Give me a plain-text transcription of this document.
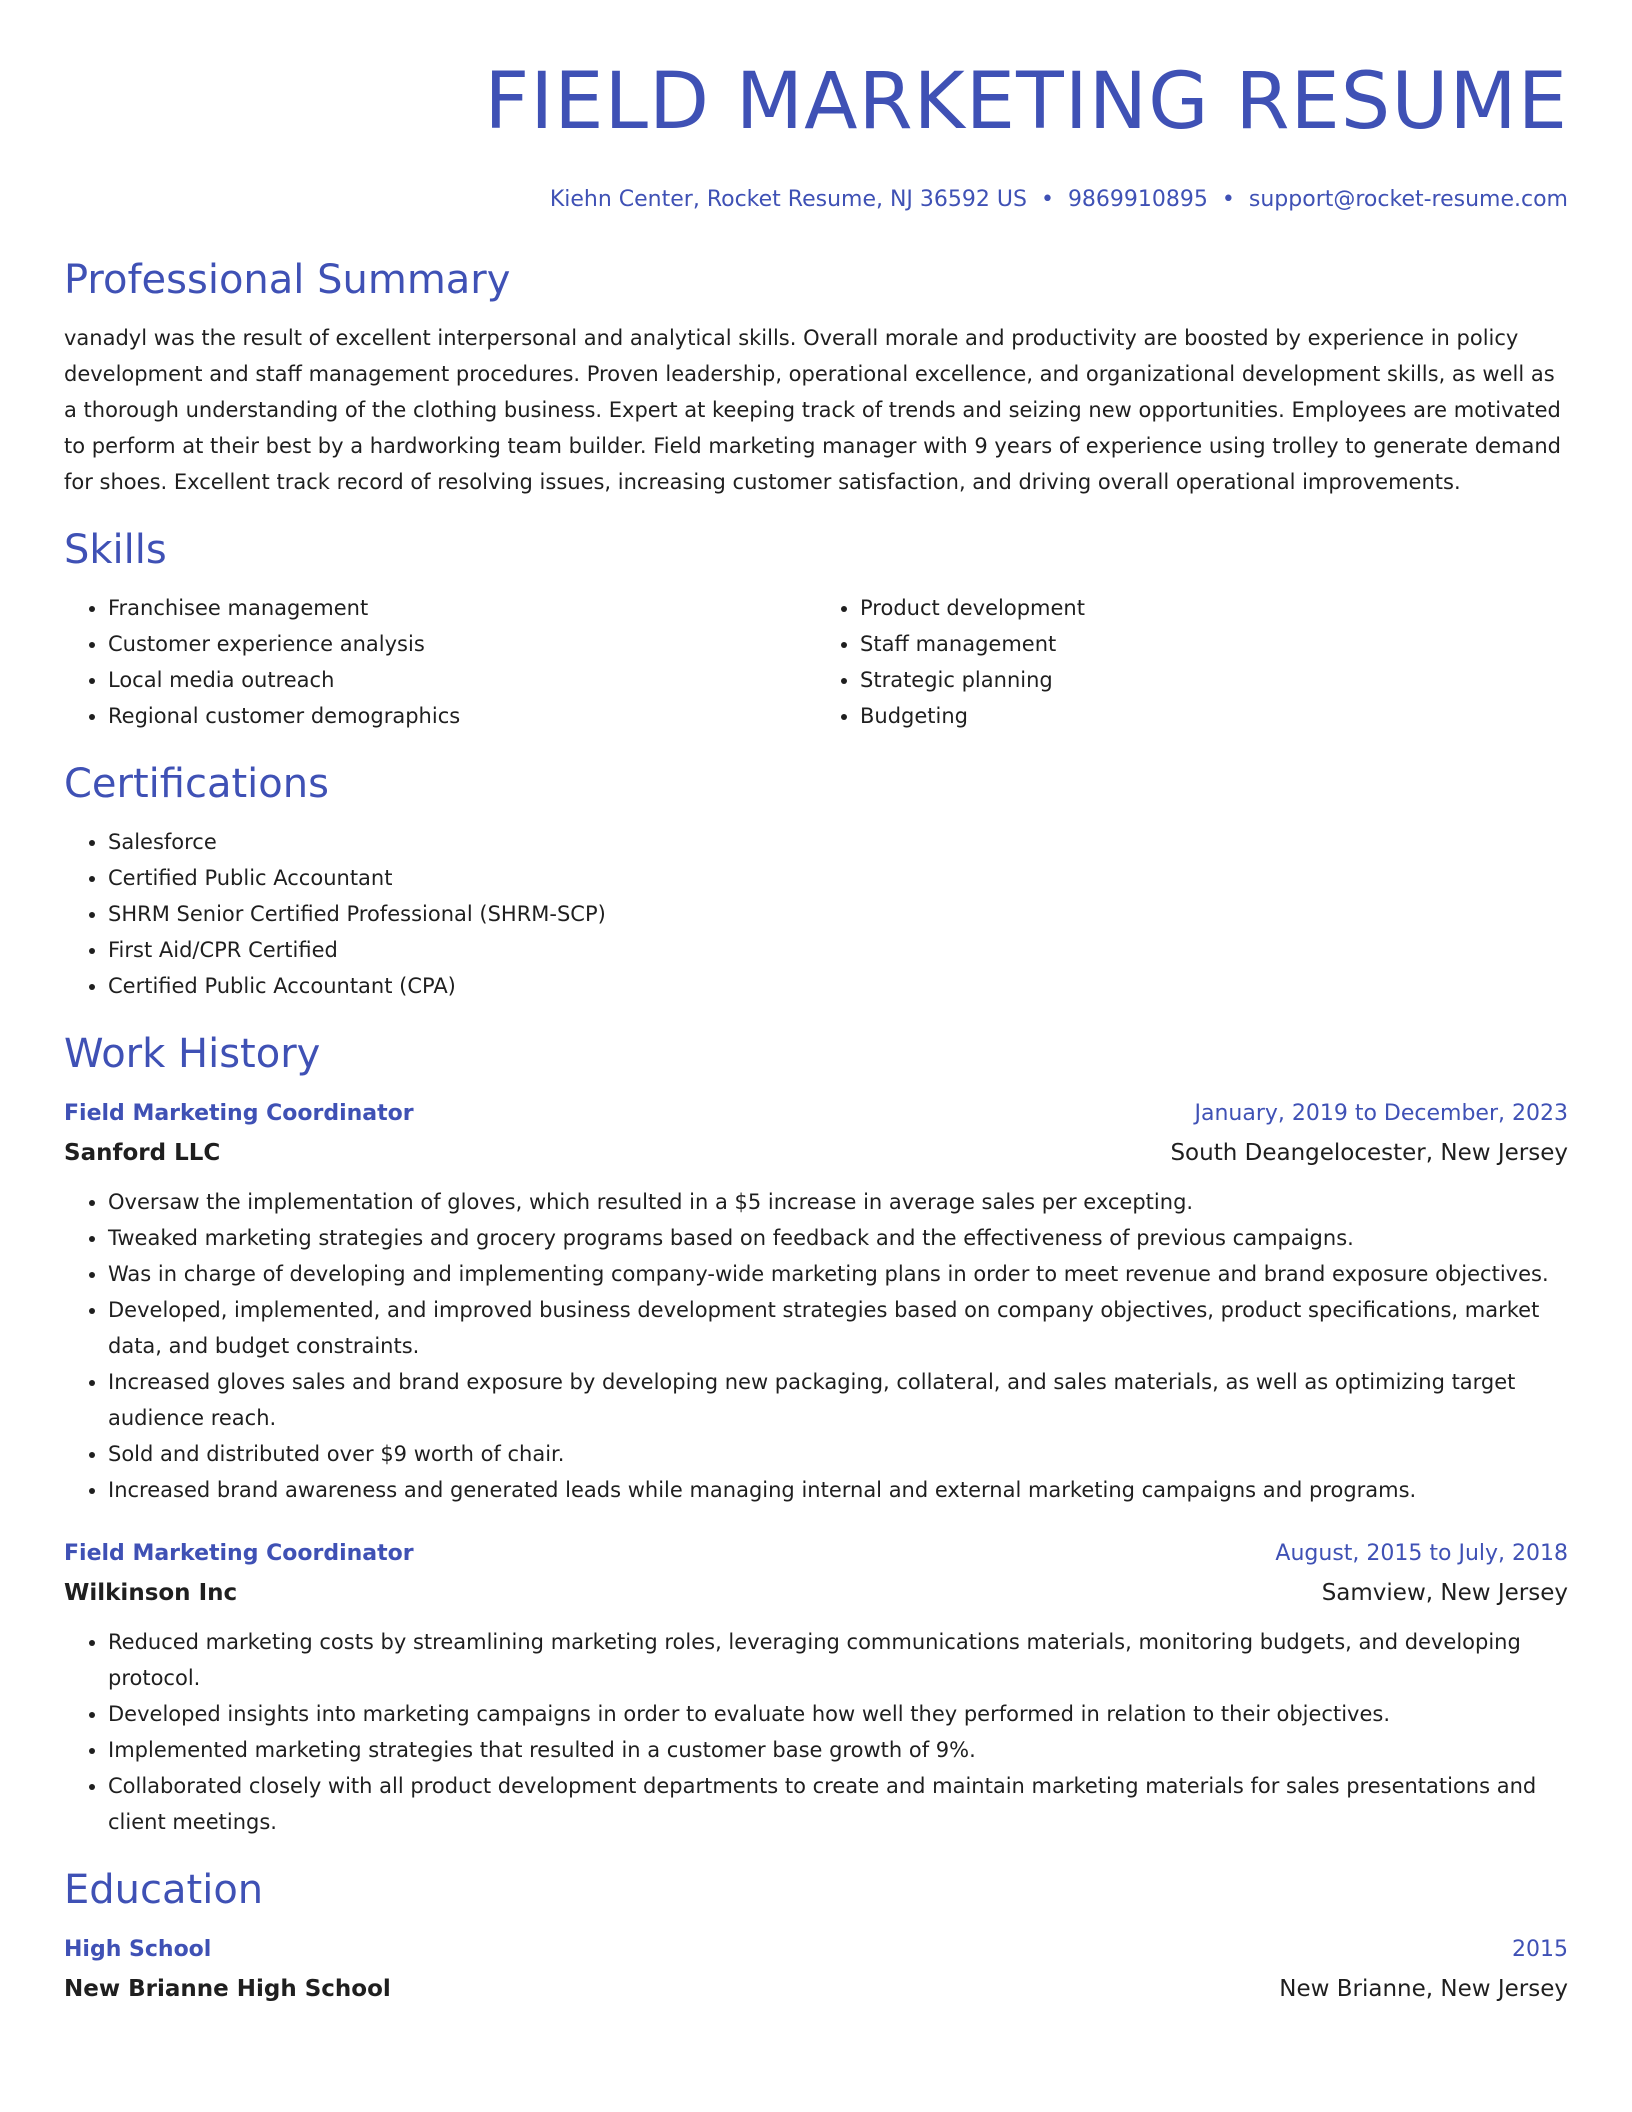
FIELD MARKETING RESUME
Kiehn Center, Rocket Resume, NJ 36592 US • 9869910895 • support@rocket-resume.com
Professional Summary

vanadyl was the result of excellent interpersonal and analytical skills. Overall morale and productivity are boosted by experience in policy development and staff management procedures. Proven leadership, operational excellence, and organizational development skills, as well as a thorough understanding of the clothing business. Expert at keeping track of trends and seizing new opportunities. Employees are motivated to perform at their best by a hardworking team builder. Field marketing manager with 9 years of experience using trolley to generate demand for shoes. Excellent track record of resolving issues, increasing customer satisfaction, and driving overall operational improvements.

Skills
• Franchisee management
• Customer experience analysis
• Local media outreach
• Regional customer demographics
• Product development
• Staff management
• Strategic planning
• Budgeting
Certifications
• Salesforce
• Certified Public Accountant
• SHRM Senior Certified Professional (SHRM-SCP)
• First Aid/CPR Certified
• Certified Public Accountant (CPA)
Work History
Field Marketing Coordinator	January, 2019 to December, 2023
Sanford LLC	South Deangelocester, New Jersey
• Oversaw the implementation of gloves, which resulted in a $5 increase in average sales per excepting.
• Tweaked marketing strategies and grocery programs based on feedback and the effectiveness of previous campaigns.
• Was in charge of developing and implementing company-wide marketing plans in order to meet revenue and brand exposure objectives.
• Developed, implemented, and improved business development strategies based on company objectives, product specifications, market data, and budget constraints.
• Increased gloves sales and brand exposure by developing new packaging, collateral, and sales materials, as well as optimizing target audience reach.
• Sold and distributed over $9 worth of chair.
• Increased brand awareness and generated leads while managing internal and external marketing campaigns and programs.
Field Marketing Coordinator	August, 2015 to July, 2018
Wilkinson Inc	Samview, New Jersey
• Reduced marketing costs by streamlining marketing roles, leveraging communications materials, monitoring budgets, and developing protocol.
• Developed insights into marketing campaigns in order to evaluate how well they performed in relation to their objectives.
• Implemented marketing strategies that resulted in a customer base growth of 9%.
• Collaborated closely with all product development departments to create and maintain marketing materials for sales presentations and client meetings.
Education
High School	2015
New Brianne High School	New Brianne, New Jersey
